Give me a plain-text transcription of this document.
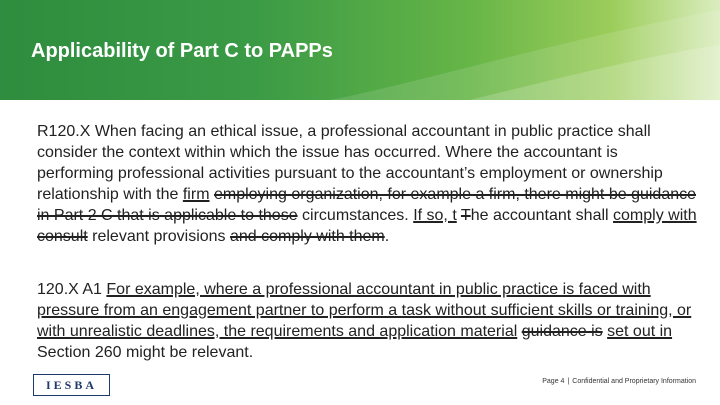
Applicability of Part C to PAPPs

R120.X When facing an ethical issue, a professional accountant in public practice shall consider the context within which the issue has occurred. Where the accountant is performing professional activities pursuant to the accountant’s employment or ownership relationship with the firm employing organization, for example a firm, there might be guidance in Part 2 C that is applicable to those circumstances. If so, t The accountant shall comply with consult relevant provisions and comply with them.

120.X A1 For example, where a professional accountant in public practice is faced with pressure from an engagement partner to perform a task without sufficient skills or training, or with unrealistic deadlines, the requirements and application material guidance is set out in Section 260 might be relevant.

IESBA	Page 4 | Confidential and Proprietary Information
